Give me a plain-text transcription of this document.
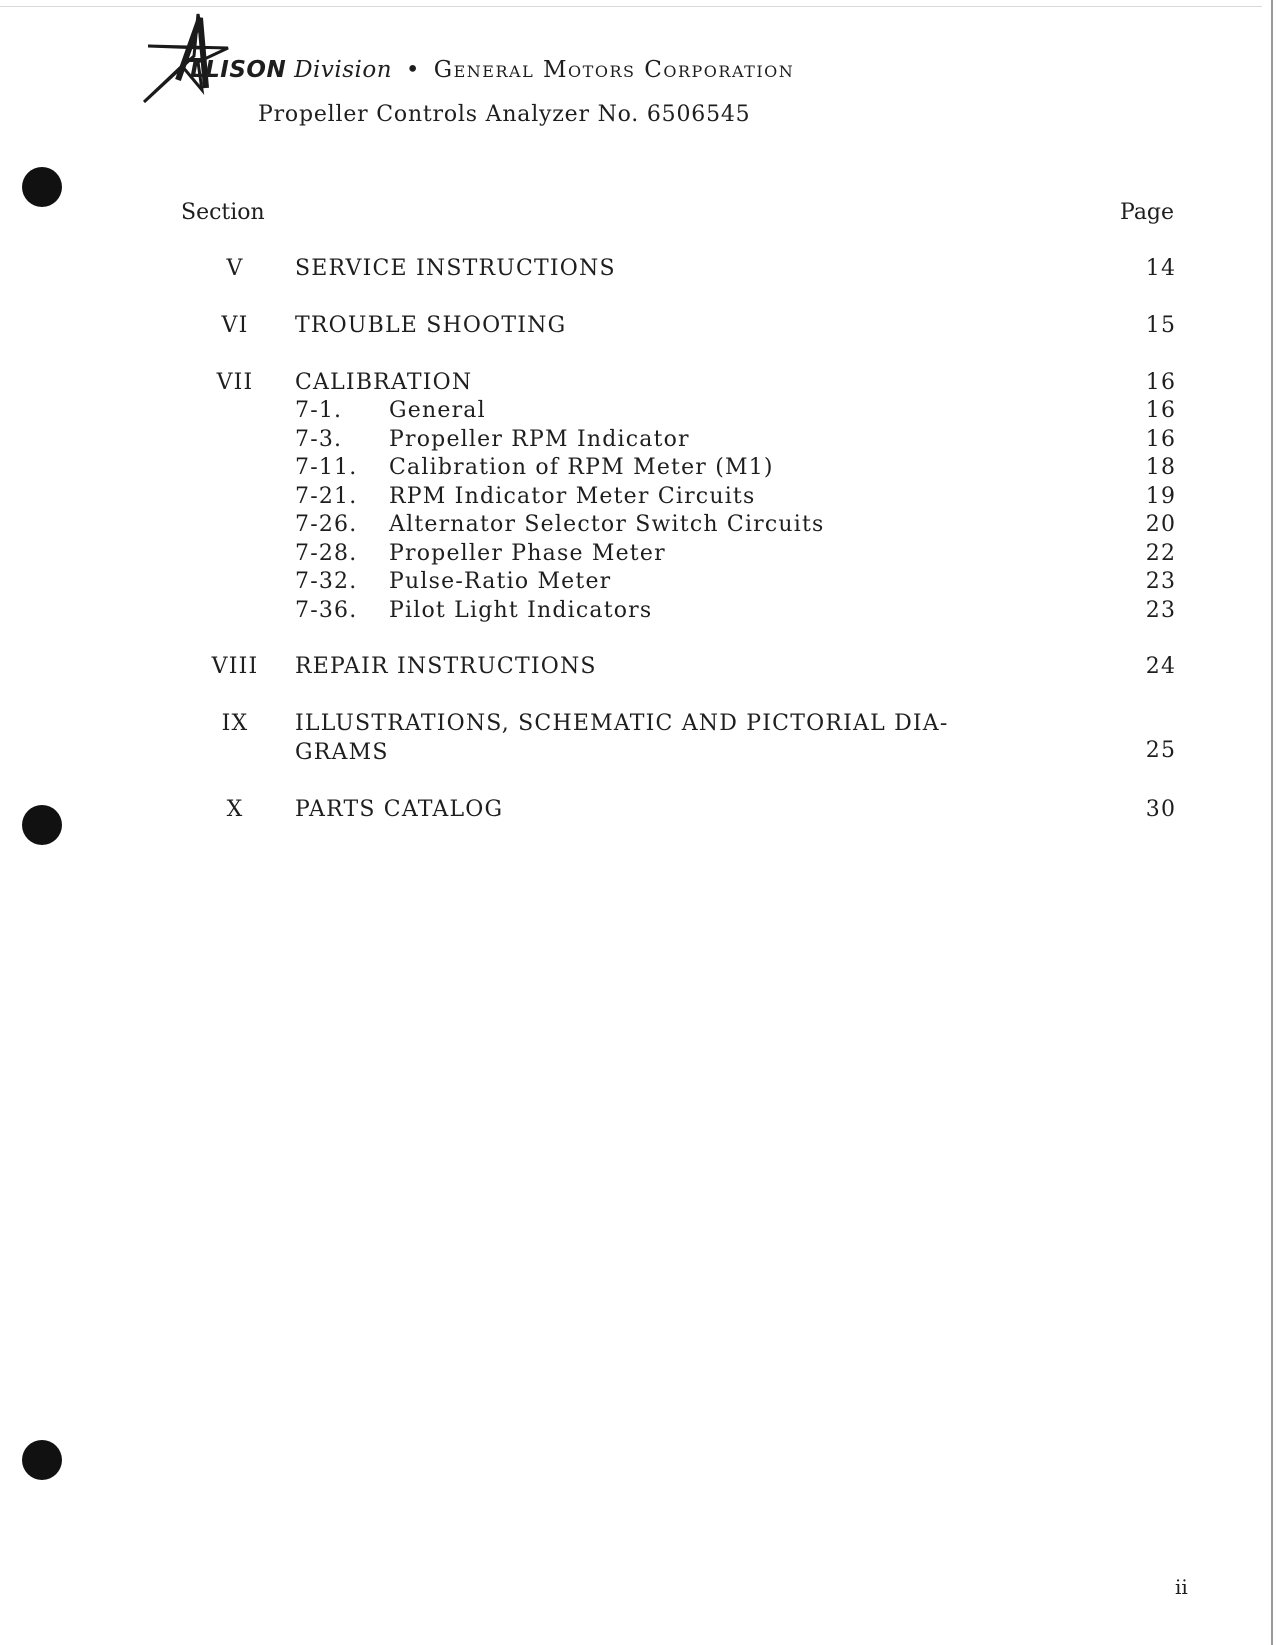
LLISON Division • General Motors Corporation
Propeller Controls Analyzer No. 6506545
Section	Page
V	SERVICE INSTRUCTIONS	14
VI	TROUBLE SHOOTING	15
VII	CALIBRATION	16
7-1. General	16
7-3. Propeller RPM Indicator	16
7-11. Calibration of RPM Meter (M1)	18
7-21. RPM Indicator Meter Circuits	19
7-26. Alternator Selector Switch Circuits	20
7-28. Propeller Phase Meter	22
7-32. Pulse-Ratio Meter	23
7-36. Pilot Light Indicators	23
VIII	REPAIR INSTRUCTIONS	24
IX	ILLUSTRATIONS, SCHEMATIC AND PICTORIAL DIA-
GRAMS	25
X	PARTS CATALOG	30
ii
